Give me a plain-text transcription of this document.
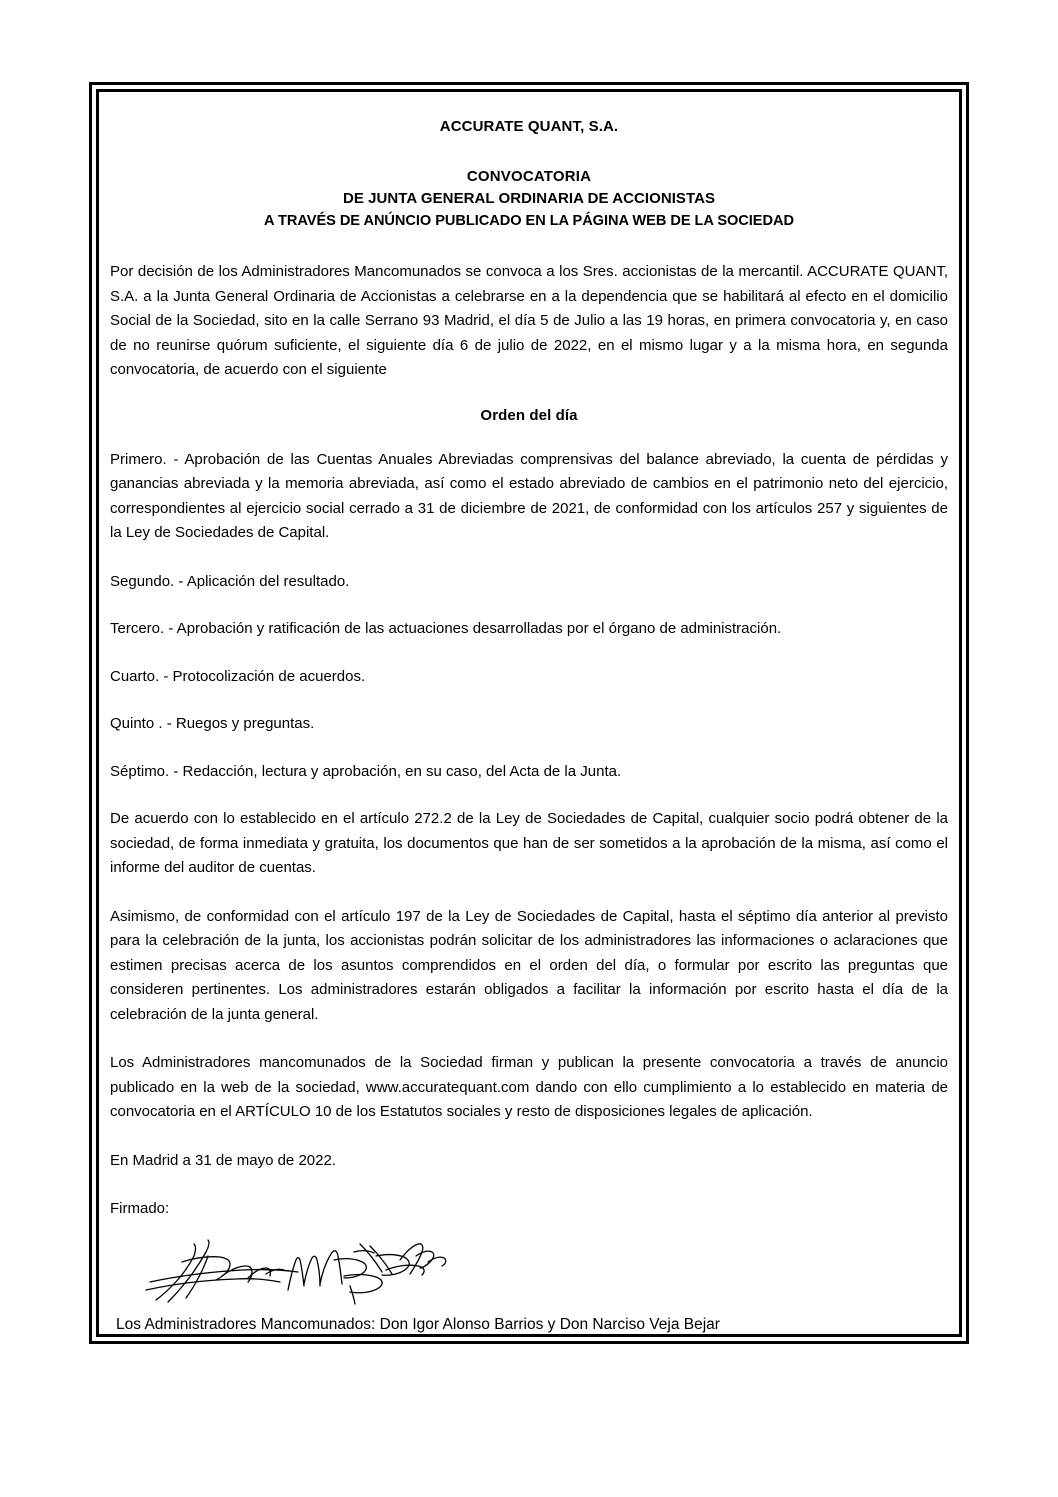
ACCURATE QUANT, S.A.
CONVOCATORIA
DE JUNTA GENERAL ORDINARIA DE ACCIONISTAS
A TRAVÉS DE ANÚNCIO PUBLICADO EN LA PÁGINA WEB DE LA SOCIEDAD

Por decisión de los Administradores Mancomunados se convoca a los Sres. accionistas de la mercantil. ACCURATE QUANT, S.A. a la Junta General Ordinaria de Accionistas a celebrarse en a la dependencia que se habilitará al efecto en el domicilio Social de la Sociedad, sito en la calle Serrano 93 Madrid, el día 5 de Julio a las 19 horas, en primera convocatoria y, en caso de no reunirse quórum suficiente, el siguiente día 6 de julio de 2022, en el mismo lugar y a la misma hora, en segunda convocatoria, de acuerdo con el siguiente

Orden del día

Primero. - Aprobación de las Cuentas Anuales Abreviadas comprensivas del balance abreviado, la cuenta de pérdidas y ganancias abreviada y la memoria abreviada, así como el estado abreviado de cambios en el patrimonio neto del ejercicio, correspondientes al ejercicio social cerrado a 31 de diciembre de 2021, de conformidad con los artículos 257 y siguientes de la Ley de Sociedades de Capital.

Segundo. - Aplicación del resultado.

Tercero. - Aprobación y ratificación de las actuaciones desarrolladas por el órgano de administración.

Cuarto. - Protocolización de acuerdos.

Quinto . - Ruegos y preguntas.

Séptimo. - Redacción, lectura y aprobación, en su caso, del Acta de la Junta.

De acuerdo con lo establecido en el artículo 272.2 de la Ley de Sociedades de Capital, cualquier socio podrá obtener de la sociedad, de forma inmediata y gratuita, los documentos que han de ser sometidos a la aprobación de la misma, así como el informe del auditor de cuentas.

Asimismo, de conformidad con el artículo 197 de la Ley de Sociedades de Capital, hasta el séptimo día anterior al previsto para la celebración de la junta, los accionistas podrán solicitar de los administradores las informaciones o aclaraciones que estimen precisas acerca de los asuntos comprendidos en el orden del día, o formular por escrito las preguntas que consideren pertinentes. Los administradores estarán obligados a facilitar la información por escrito hasta el día de la celebración de la junta general.

Los Administradores mancomunados de la Sociedad firman y publican la presente convocatoria a través de anuncio publicado en la web de la sociedad, www.accuratequant.com dando con ello cumplimiento a lo establecido en materia de convocatoria en el ARTÍCULO 10 de los Estatutos sociales y resto de disposiciones legales de aplicación.

En Madrid a 31 de mayo de 2022.

Firmado:

Los Administradores Mancomunados: Don Igor Alonso Barrios y Don Narciso Veja Bejar
